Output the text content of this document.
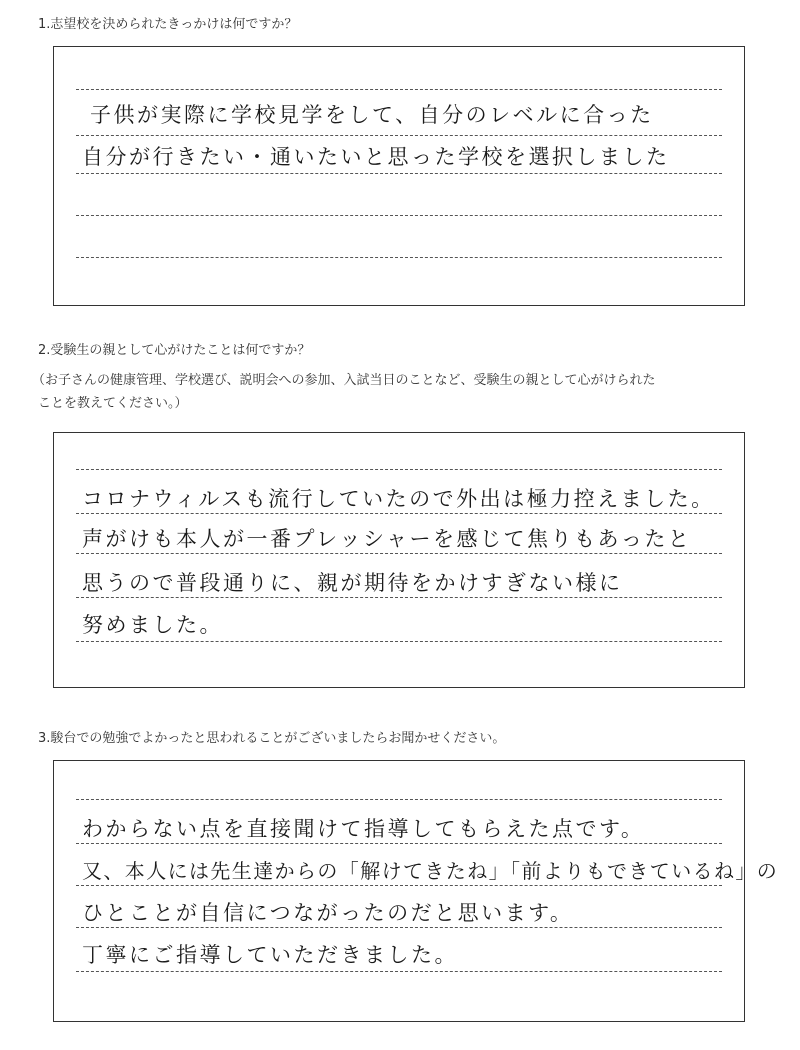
1.志望校を決められたきっかけは何ですか？
子供が実際に学校見学をして、自分のレベルに合った
自分が行きたい・通いたいと思った学校を選択しました
2.受験生の親として心がけたことは何ですか？
（お子さんの健康管理、学校選び、説明会への参加、入試当日のことなど、受験生の親として心がけられた
ことを教えてください。）
コロナウィルスも流行していたので外出は極力控えました。
声がけも本人が一番プレッシャーを感じて焦りもあったと
思うので普段通りに、親が期待をかけすぎない様に
努めました。
3.駿台での勉強でよかったと思われることがございましたらお聞かせください。
わからない点を直接聞けて指導してもらえた点です。
又、本人には先生達からの「解けてきたね」「前よりもできているね」の
ひとことが自信につながったのだと思います。
丁寧にご指導していただきました。
